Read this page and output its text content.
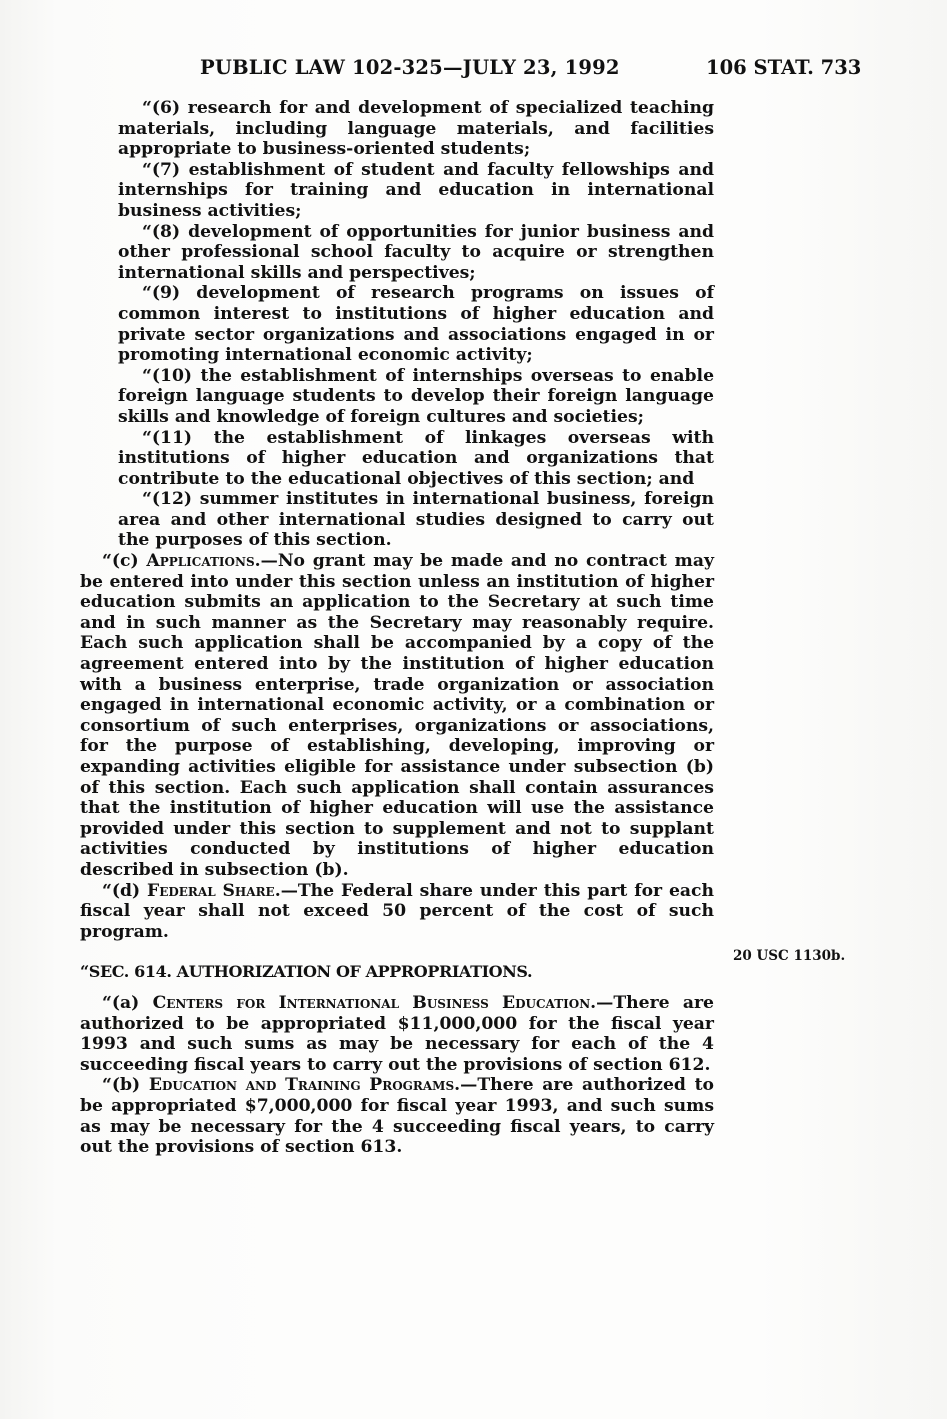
PUBLIC LAW 102-325—JULY 23, 1992	106 STAT. 733

“(6) research for and development of specialized teaching materials, including language materials, and facilities appropriate to business-oriented students;

“(7) establishment of student and faculty fellowships and internships for training and education in international business activities;

“(8) development of opportunities for junior business and other professional school faculty to acquire or strengthen international skills and perspectives;

“(9) development of research programs on issues of common interest to institutions of higher education and private sector organizations and associations engaged in or promoting international economic activity;

“(10) the establishment of internships overseas to enable foreign language students to develop their foreign language skills and knowledge of foreign cultures and societies;

“(11) the establishment of linkages overseas with institutions of higher education and organizations that contribute to the educational objectives of this section; and

“(12) summer institutes in international business, foreign area and other international studies designed to carry out the purposes of this section.

“(c) Applications.—No grant may be made and no contract may be entered into under this section unless an institution of higher education submits an application to the Secretary at such time and in such manner as the Secretary may reasonably require. Each such application shall be accompanied by a copy of the agreement entered into by the institution of higher education with a business enterprise, trade organization or association engaged in international economic activity, or a combination or consortium of such enterprises, organizations or associations, for the purpose of establishing, developing, improving or expanding activities eligible for assistance under subsection (b) of this section. Each such application shall contain assurances that the institution of higher education will use the assistance provided under this section to supplement and not to supplant activities conducted by institutions of higher education described in subsection (b).

“(d) Federal Share.—The Federal share under this part for each fiscal year shall not exceed 50 percent of the cost of such program.

“SEC. 614. AUTHORIZATION OF APPROPRIATIONS.

“(a) Centers for International Business Education.—There are authorized to be appropriated $11,000,000 for the fiscal year 1993 and such sums as may be necessary for each of the 4 succeeding fiscal years to carry out the provisions of section 612.

“(b) Education and Training Programs.—There are authorized to be appropriated $7,000,000 for fiscal year 1993, and such sums as may be necessary for the 4 succeeding fiscal years, to carry out the provisions of section 613.

20 USC 1130b.
